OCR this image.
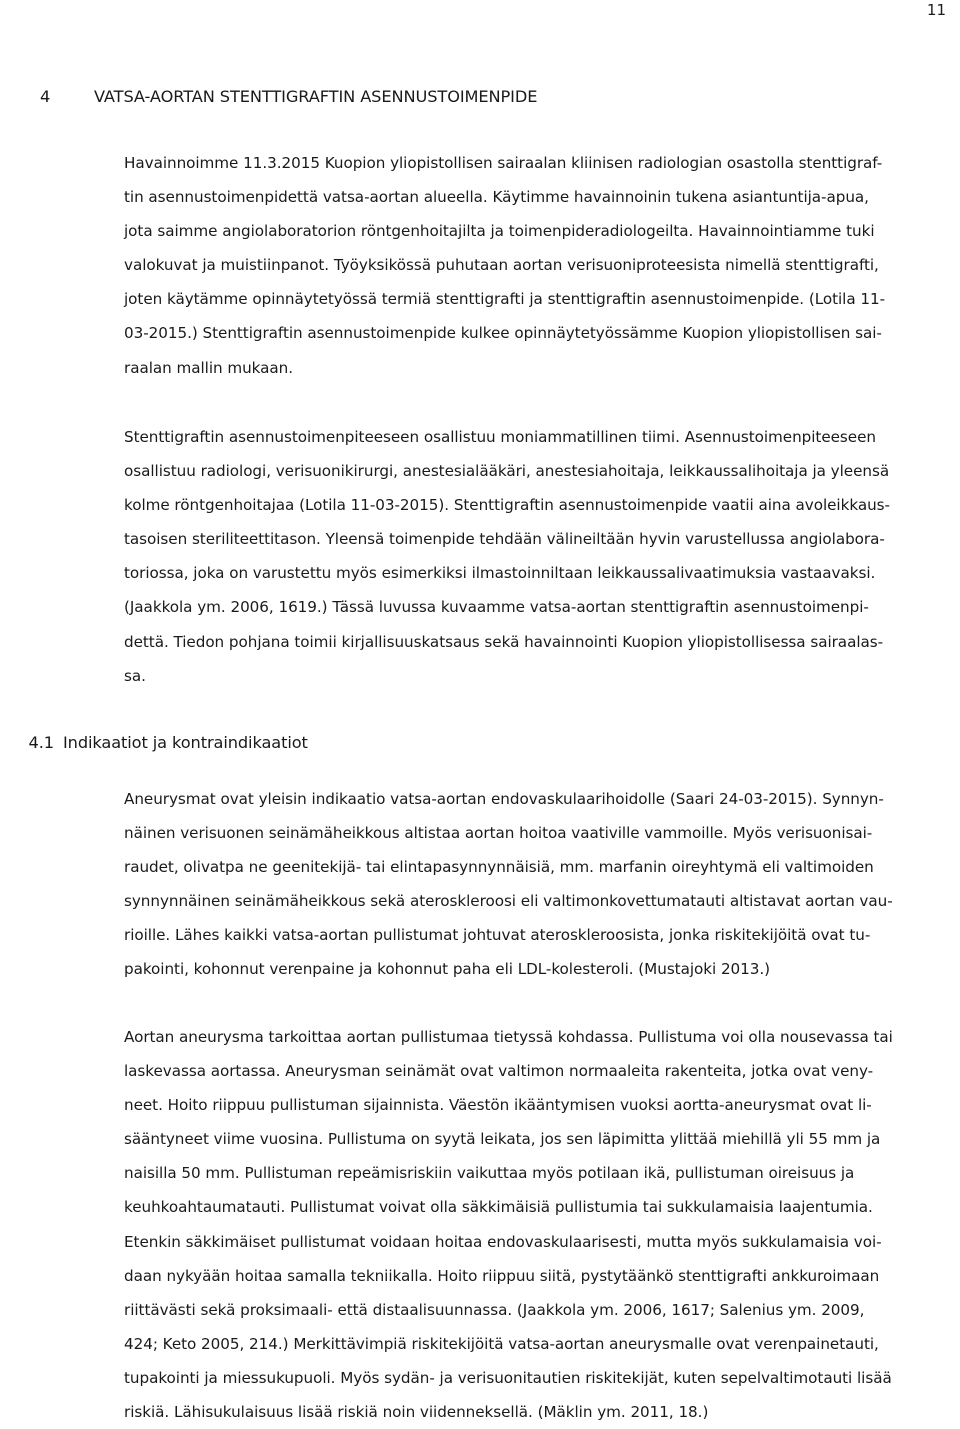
11
4	VATSA-AORTAN STENTTIGRAFTIN ASENNUSTOIMENPIDE
Havainnoimme 11.3.2015 Kuopion yliopistollisen sairaalan kliinisen radiologian osastolla stenttigraf-
tin asennustoimenpidettä vatsa-aortan alueella. Käytimme havainnoinin tukena asiantuntija-apua,
jota saimme angiolaboratorion röntgenhoitajilta ja toimenpideradiologeilta. Havainnointiamme tuki
valokuvat ja muistiinpanot. Työyksikössä puhutaan aortan verisuoniproteesista nimellä stenttigrafti,
joten käytämme opinnäytetyössä termiä stenttigrafti ja stenttigraftin asennustoimenpide. (Lotila 11-
03-2015.) Stenttigraftin asennustoimenpide kulkee opinnäytetyössämme Kuopion yliopistollisen sai-
raalan mallin mukaan.
Stenttigraftin asennustoimenpiteeseen osallistuu moniammatillinen tiimi. Asennustoimenpiteeseen
osallistuu radiologi, verisuonikirurgi, anestesialääkäri, anestesiahoitaja, leikkaussalihoitaja ja yleensä
kolme röntgenhoitajaa (Lotila 11-03-2015). Stenttigraftin asennustoimenpide vaatii aina avoleikkaus-
tasoisen steriliteettitason. Yleensä toimenpide tehdään välineiltään hyvin varustellussa angiolabora-
toriossa, joka on varustettu myös esimerkiksi ilmastoinniltaan leikkaussalivaatimuksia vastaavaksi.
(Jaakkola ym. 2006, 1619.) Tässä luvussa kuvaamme vatsa-aortan stenttigraftin asennustoimenpi-
dettä. Tiedon pohjana toimii kirjallisuuskatsaus sekä havainnointi Kuopion yliopistollisessa sairaalas-
sa.
4.1 Indikaatiot ja kontraindikaatiot
Aneurysmat ovat yleisin indikaatio vatsa-aortan endovaskulaarihoidolle (Saari 24-03-2015). Synnyn-
näinen verisuonen seinämäheikkous altistaa aortan hoitoa vaativille vammoille. Myös verisuonisai-
raudet, olivatpa ne geenitekijä- tai elintapasynnynnäisiä, mm. marfanin oireyhtymä eli valtimoiden
synnynnäinen seinämäheikkous sekä ateroskleroosi eli valtimonkovettumatauti altistavat aortan vau-
rioille. Lähes kaikki vatsa-aortan pullistumat johtuvat ateroskleroosista, jonka riskitekijöitä ovat tu-
pakointi, kohonnut verenpaine ja kohonnut paha eli LDL-kolesteroli. (Mustajoki 2013.)
Aortan aneurysma tarkoittaa aortan pullistumaa tietyssä kohdassa. Pullistuma voi olla nousevassa tai
laskevassa aortassa. Aneurysman seinämät ovat valtimon normaaleita rakenteita, jotka ovat veny-
neet. Hoito riippuu pullistuman sijainnista. Väestön ikääntymisen vuoksi aortta-aneurysmat ovat li-
sääntyneet viime vuosina. Pullistuma on syytä leikata, jos sen läpimitta ylittää miehillä yli 55 mm ja
naisilla 50 mm. Pullistuman repeämisriskiin vaikuttaa myös potilaan ikä, pullistuman oireisuus ja
keuhkoahtaumatauti. Pullistumat voivat olla säkkimäisiä pullistumia tai sukkulamaisia laajentumia.
Etenkin säkkimäiset pullistumat voidaan hoitaa endovaskulaarisesti, mutta myös sukkulamaisia voi-
daan nykyään hoitaa samalla tekniikalla. Hoito riippuu siitä, pystytäänkö stenttigrafti ankkuroimaan
riittävästi sekä proksimaali- että distaalisuunnassa. (Jaakkola ym. 2006, 1617; Salenius ym. 2009,
424; Keto 2005, 214.) Merkittävimpiä riskitekijöitä vatsa-aortan aneurysmalle ovat verenpainetauti,
tupakointi ja miessukupuoli. Myös sydän- ja verisuonitautien riskitekijät, kuten sepelvaltimotauti lisää
riskiä. Lähisukulaisuus lisää riskiä noin viidenneksellä. (Mäklin ym. 2011, 18.)
